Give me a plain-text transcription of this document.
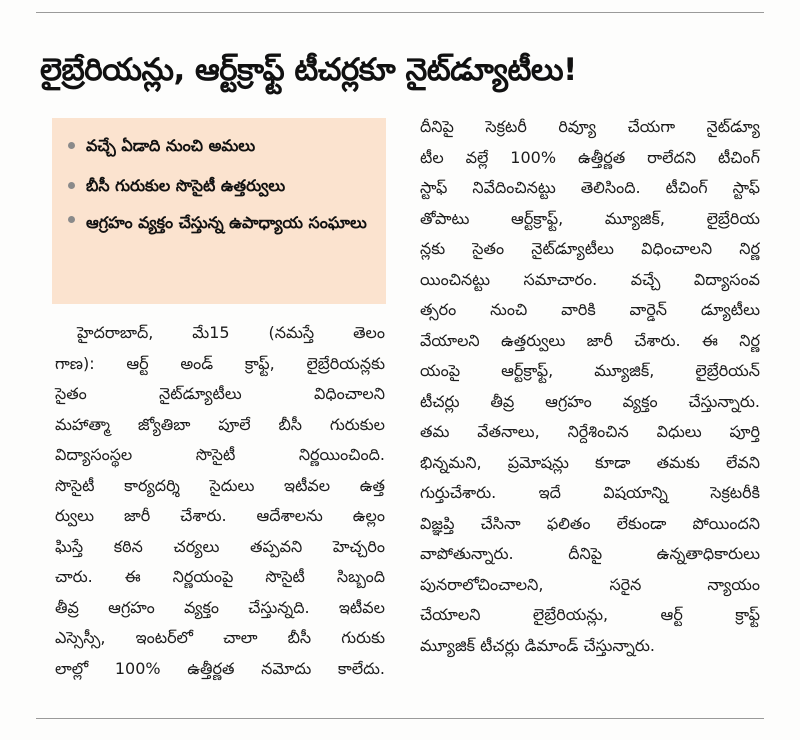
లైబ్రేరియన్లు, ఆర్ట్‌క్రాఫ్ట్ టీచర్లకూ నైట్‌డ్యూటీలు!
వచ్చే ఏడాది నుంచి అమలు
బీసీ గురుకుల సొసైటీ ఉత్తర్వులు
ఆగ్రహం వ్యక్తం చేస్తున్న ఉపాధ్యాయ సంఘాలు

హైదరాబాద్, మే15 (నమస్తే తెలం

గాణ): ఆర్ట్ అండ్ క్రాఫ్ట్, లైబ్రేరియన్లకు

సైతం నైట్‌డ్యూటీలు విధించాలని

మహాత్మా జ్యోతిబా పూలే బీసీ గురుకుల

విద్యాసంస్థల సొసైటీ నిర్ణయించింది.

సొసైటీ కార్యదర్శి సైదులు ఇటీవల ఉత్త

ర్వులు జారీ చేశారు. ఆదేశాలను ఉల్లం

ఘిస్తే కఠిన చర్యలు తప్పవని హెచ్చరిం

చారు. ఈ నిర్ణయంపై సొసైటీ సిబ్బంది

తీవ్ర ఆగ్రహం వ్యక్తం చేస్తున్నది. ఇటీవల

ఎస్సెస్సీ, ఇంటర్‌లో చాలా బీసీ గురుకు

లాల్లో 100% ఉత్తీర్ణత నమోదు కాలేదు.

దీనిపై సెక్రటరీ రివ్యూ చేయగా నైట్‌డ్యూ

టీల వల్లే 100% ఉత్తీర్ణత రాలేదని టీచింగ్

స్టాఫ్ నివేదించినట్టు తెలిసింది. టీచింగ్ స్టాఫ్

తోపాటు ఆర్ట్‌క్రాఫ్ట్, మ్యూజిక్, లైబ్రేరియ

న్లకు సైతం నైట్‌డ్యూటీలు విధించాలని నిర్ణ

యించినట్టు సమాచారం. వచ్చే విద్యాసంవ

త్సరం నుంచి వారికి వార్డెన్ డ్యూటీలు

వేయాలని ఉత్తర్వులు జారీ చేశారు. ఈ నిర్ణ

యంపై ఆర్ట్‌క్రాఫ్ట్, మ్యూజిక్, లైబ్రేరియన్

టీచర్లు తీవ్ర ఆగ్రహం వ్యక్తం చేస్తున్నారు.

తమ వేతనాలు, నిర్దేశించిన విధులు పూర్తి

భిన్నమని, ప్రమోషన్లు కూడా తమకు లేవని

గుర్తుచేశారు. ఇదే విషయాన్ని సెక్రటరీకి

విజ్ఞప్తి చేసినా ఫలితం లేకుండా పోయిందని

వాపోతున్నారు. దీనిపై ఉన్నతాధికారులు

పునరాలోచించాలని, సరైన న్యాయం

చేయాలని లైబ్రేరియన్లు, ఆర్ట్ క్రాఫ్ట్

మ్యూజిక్ టీచర్లు డిమాండ్ చేస్తున్నారు.
